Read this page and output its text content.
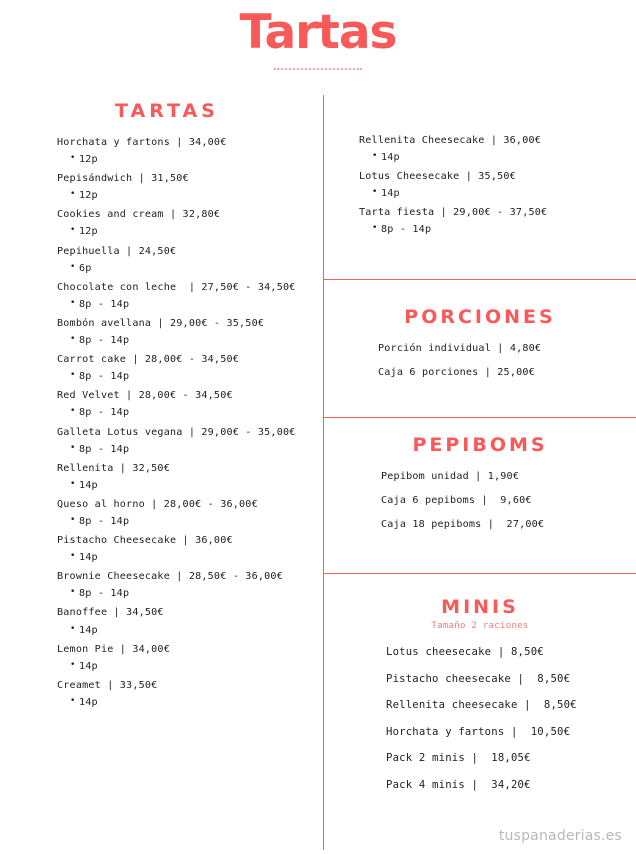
Tartas
TARTAS
Horchata y fartons | 34,00€
• 12p
Pepisándwich | 31,50€
• 12p
Cookies and cream | 32,80€
• 12p
Pepihuella | 24,50€
• 6p
Chocolate con leche  | 27,50€ - 34,50€
• 8p - 14p
Bombón avellana | 29,00€ - 35,50€
• 8p - 14p
Carrot cake | 28,00€ - 34,50€
• 8p - 14p
Red Velvet | 28,00€ - 34,50€
• 8p - 14p
Galleta Lotus vegana | 29,00€ - 35,00€
• 8p - 14p
Rellenita | 32,50€
• 14p
Queso al horno | 28,00€ - 36,00€
• 8p - 14p
Pistacho Cheesecake | 36,00€
• 14p
Brownie Cheesecake | 28,50€ - 36,00€
• 8p - 14p
Banoffee | 34,50€
• 14p
Lemon Pie | 34,00€
• 14p
Creamet | 33,50€
• 14p
Rellenita Cheesecake | 36,00€
• 14p
Lotus Cheesecake | 35,50€
• 14p
Tarta fiesta | 29,00€ - 37,50€
• 8p - 14p
PORCIONES
Porción individual | 4,80€
Caja 6 porciones | 25,00€
PEPIBOMS
Pepibom unidad | 1,90€
Caja 6 pepiboms |  9,60€
Caja 18 pepiboms |  27,00€
MINIS
Tamaño 2 raciones
Lotus cheesecake | 8,50€
Pistacho cheesecake |  8,50€
Rellenita cheesecake |  8,50€
Horchata y fartons |  10,50€
Pack 2 minis |  18,05€
Pack 4 minis |  34,20€
tuspanaderias.es
